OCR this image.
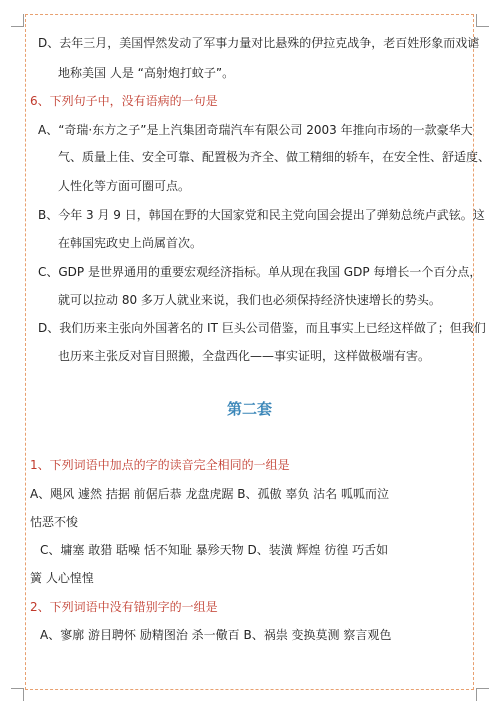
D、去年三月，美国悍然发动了军事力量对比悬殊的伊拉克战争，老百姓形象而戏谑
地称美国 人是 “高射炮打蚊子”。
6、下列句子中，没有语病的一句是
A、“奇瑞·东方之子”是上汽集团奇瑞汽车有限公司 2003 年推向市场的一款豪华大
气、质量上佳、安全可靠、配置极为齐全、做工精细的轿车，在安全性、舒适度、
人性化等方面可圈可点。
B、今年 3 月 9 日，韩国在野的大国家党和民主党向国会提出了弹劾总统卢武铉。这
在韩国宪政史上尚属首次。
C、GDP 是世界通用的重要宏观经济指标。单从现在我国 GDP 每增长一个百分点，
就可以拉动 80 多万人就业来说，我们也必须保持经济快速增长的势头。
D、我们历来主张向外国著名的 IT 巨头公司借鉴，而且事实上已经这样做了；但我们
也历来主张反对盲目照搬，全盘西化——事实证明，这样做极端有害。
第二套
1、下列词语中加点的字的读音完全相同的一组是
A、飓风 遽然 拮据 前倨后恭 龙盘虎踞 B、孤傲 辜负 沽名 呱呱而泣
怙恶不悛
C、墉塞 敢猎 聒噪 恬不知耻 暴殄天物 D、装潢 辉煌 彷徨 巧舌如
簧 人心惶惶
2、下列词语中没有错别字的一组是
A、寥廓 游目聘怀 励精图治 杀一儆百 B、祸祟 变换莫测 察言观色
